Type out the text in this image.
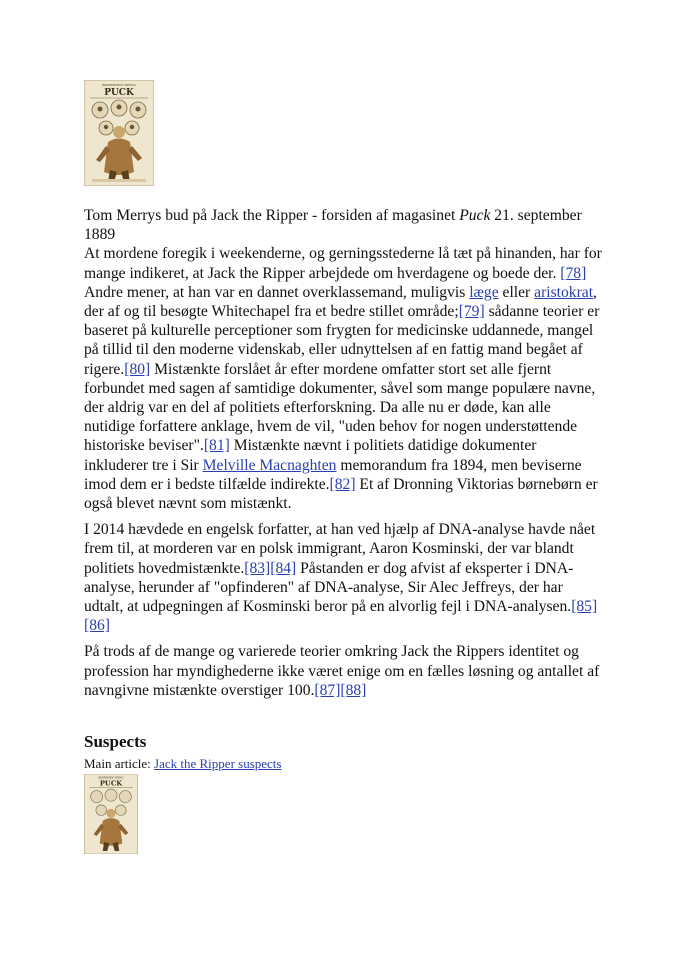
INDEPENDENT WEEKLY
PUCK

Tom Merrys bud på Jack the Ripper - forsiden af magasinet Puck 21. september 1889

At mordene foregik i weekenderne, og gerningsstederne lå tæt på hinanden, har for mange indikeret, at Jack the Ripper arbejdede om hverdagene og boede der. [78] Andre mener, at han var en dannet overklassemand, muligvis læge eller aristokrat, der af og til besøgte Whitechapel fra et bedre stillet område;[79] sådanne teorier er baseret på kulturelle perceptioner som frygten for medicinske uddannede, mangel på tillid til den moderne videnskab, eller udnyttelsen af en fattig mand begået af rigere.[80] Mistænkte forslået år efter mordene omfatter stort set alle fjernt forbundet med sagen af samtidige dokumenter, såvel som mange populære navne, der aldrig var en del af politiets efterforskning. Da alle nu er døde, kan alle nutidige forfattere anklage, hvem de vil, "uden behov for nogen understøttende historiske beviser".[81] Mistænkte nævnt i politiets datidige dokumenter inkluderer tre i Sir Melville Macnaghten memorandum fra 1894, men beviserne imod dem er i bedste tilfælde indirekte.[82] Et af Dronning Viktorias børnebørn er også blevet nævnt som mistænkt.

I 2014 hævdede en engelsk forfatter, at han ved hjælp af DNA-analyse havde nået frem til, at morderen var en polsk immigrant, Aaron Kosminski, der var blandt politiets hovedmistænkte.[83][84] Påstanden er dog afvist af eksperter i DNA-analyse, herunder af "opfinderen" af DNA-analyse, Sir Alec Jeffreys, der har udtalt, at udpegningen af Kosminski beror på en alvorlig fejl i DNA-analysen.[85][86]

På trods af de mange og varierede teorier omkring Jack the Rippers identitet og profession har myndighederne ikke været enige om en fælles løsning og antallet af navngivne mistænkte overstiger 100.[87][88]

Suspects

Main article: Jack the Ripper suspects

INDEPENDENT WEEKLY
PUCK
